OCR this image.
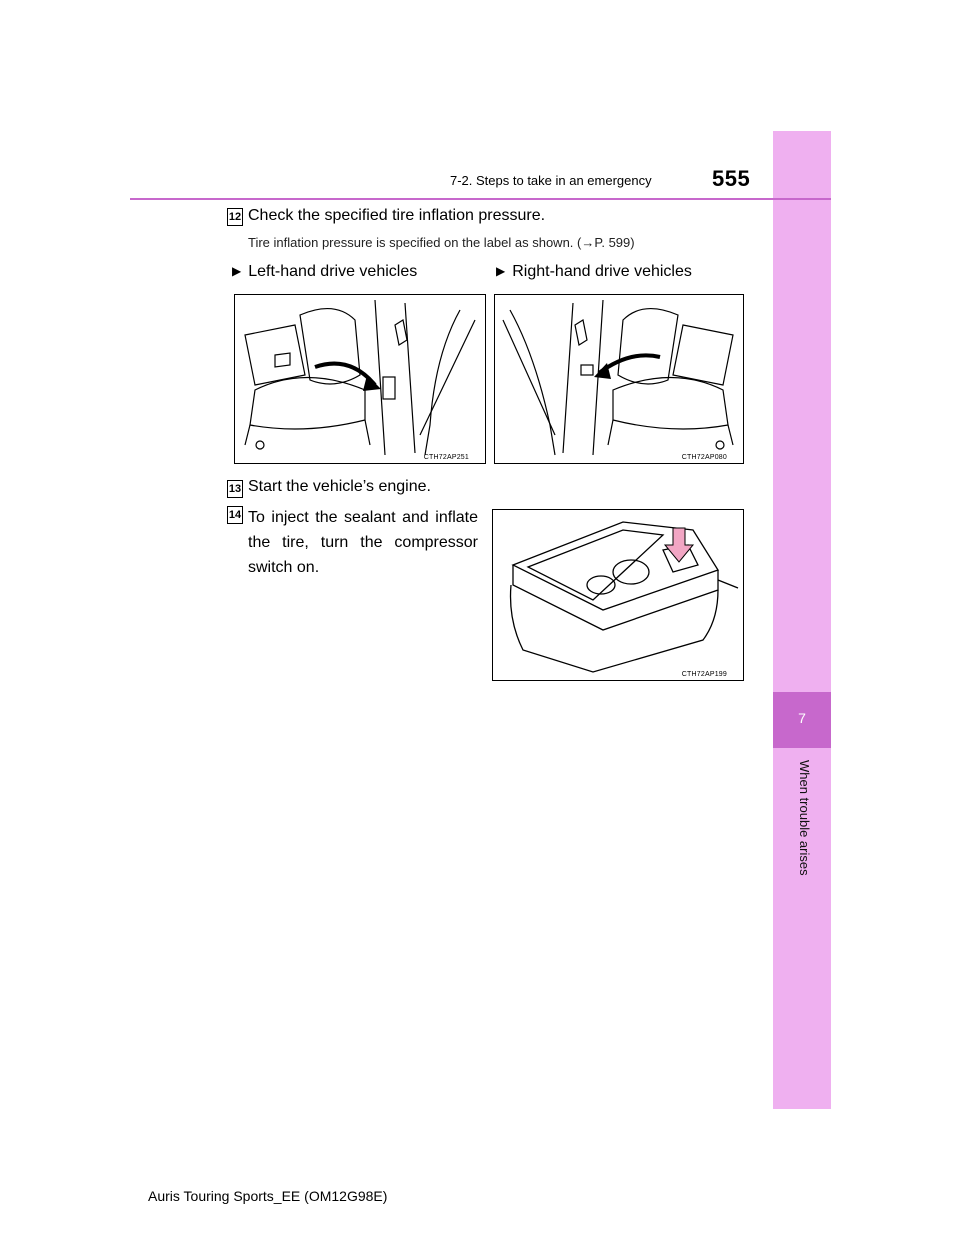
7
When trouble arises
7-2. Steps to take in an emergency	555
12 Check the specified tire inflation pressure.
Tire inflation pressure is specified on the label as shown. (→P. 599)
▶ Left-hand drive vehicles	▶ Right-hand drive vehicles
CTH72AP251	CTH72AP080
13 Start the vehicle’s engine.
14 To inject the sealant and inflate the tire, turn the compressor switch on.
CTH72AP199
Auris Touring Sports_EE (OM12G98E)
